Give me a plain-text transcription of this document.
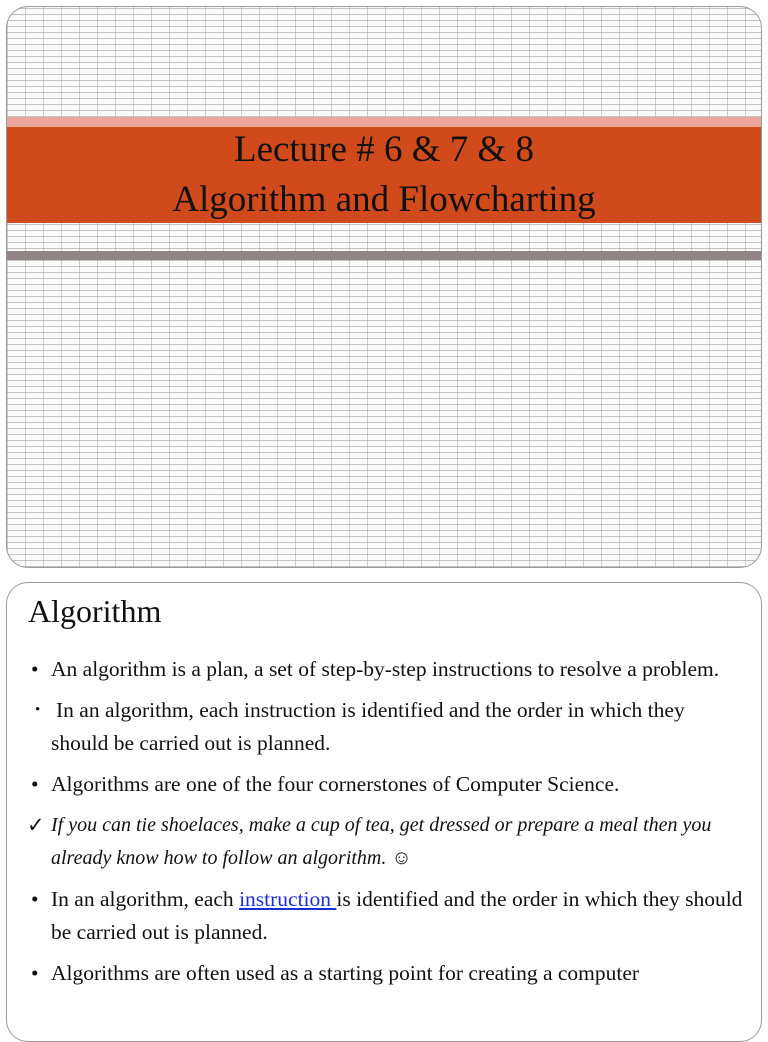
Lecture # 6 & 7 & 8
Algorithm and Flowcharting
Algorithm
• An algorithm is a plan, a set of step-by-step instructions to resolve a problem.
• In an algorithm, each instruction is identified and the order in which they should be carried out is planned.
• Algorithms are one of the four cornerstones of Computer Science.
✓ If you can tie shoelaces, make a cup of tea, get dressed or prepare a meal then you already know how to follow an algorithm. ☺
• In an algorithm, each instruction is identified and the order in which they should be carried out is planned.
• Algorithms are often used as a starting point for creating a computer
